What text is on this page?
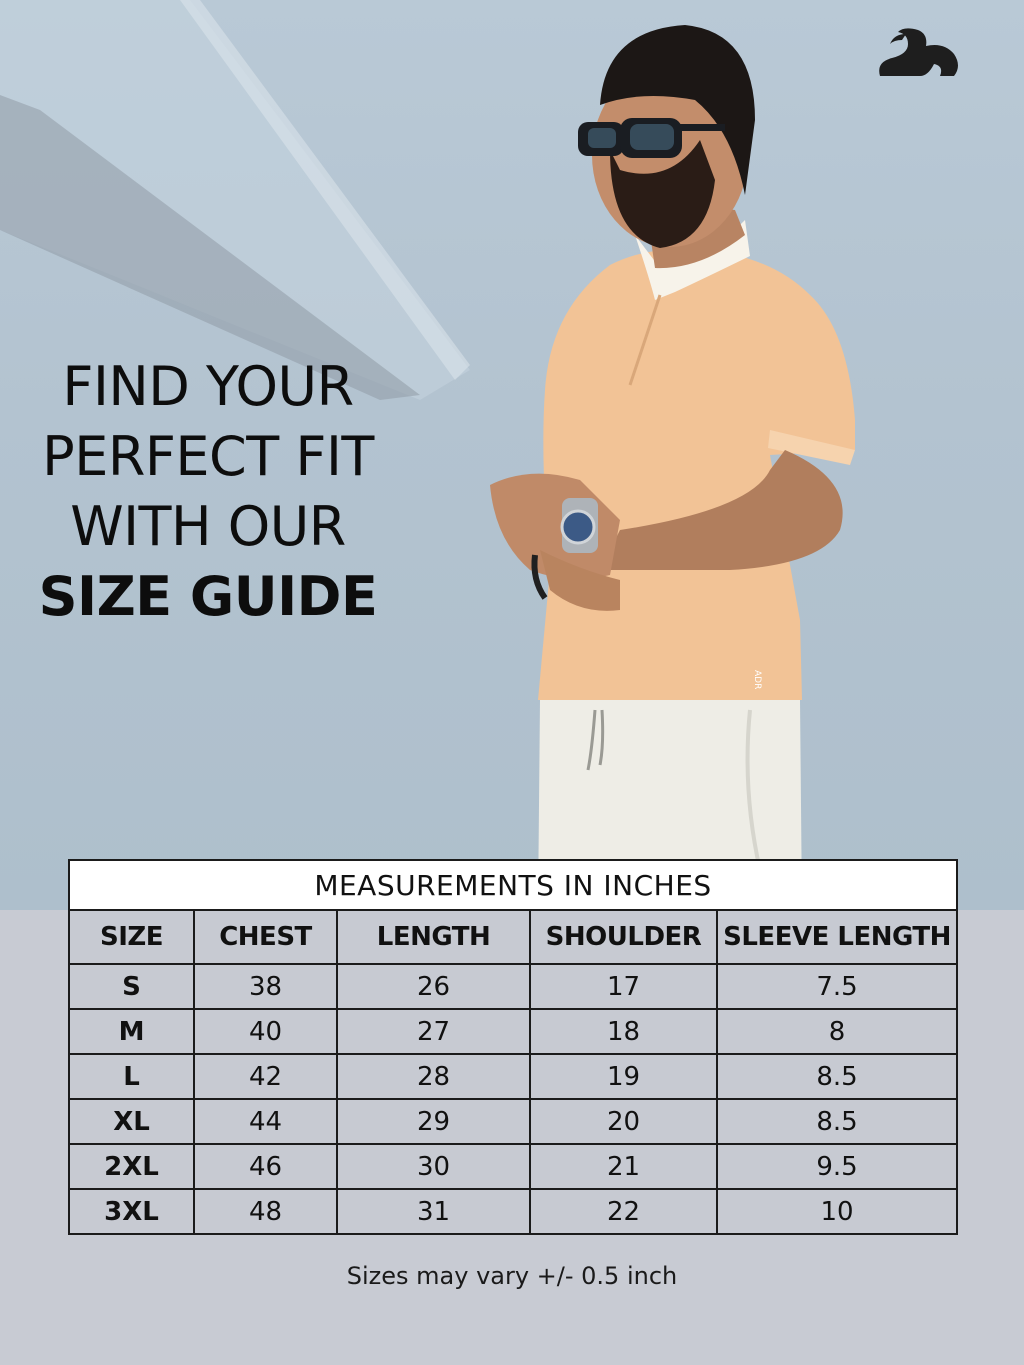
FIND YOUR
PERFECT FIT
WITH OUR
SIZE GUIDE
ADR
MEASUREMENTS IN INCHES				
SIZE	CHEST	LENGTH	SHOULDER	SLEEVE LENGTH
S	38	26	17	7.5
M	40	27	18	8
L	42	28	19	8.5
XL	44	29	20	8.5
2XL	46	30	21	9.5
3XL	48	31	22	10
Sizes may vary +/- 0.5 inch
